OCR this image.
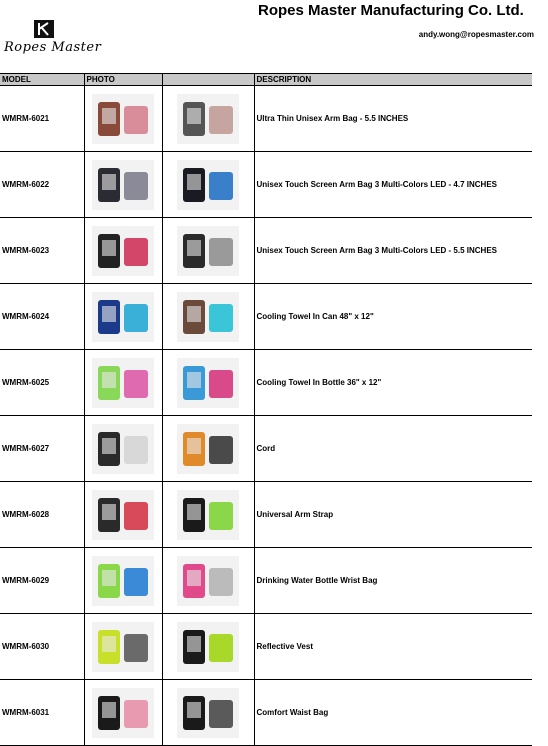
Ropes Master
Ropes Master Manufacturing Co. Ltd.
andy.wong@ropesmaster.com
MODEL	PHOTO		DESCRIPTION
WMRM-6021			Ultra Thin Unisex Arm Bag - 5.5 INCHES
WMRM-6022			Unisex Touch Screen Arm Bag 3 Multi-Colors LED - 4.7 INCHES
WMRM-6023			Unisex Touch Screen Arm Bag 3 Multi-Colors LED - 5.5 INCHES
WMRM-6024			Cooling Towel In Can 48" x 12"
WMRM-6025			Cooling Towel In Bottle 36" x 12"
WMRM-6027			Cord
WMRM-6028			Universal Arm Strap
WMRM-6029			Drinking Water Bottle Wrist Bag
WMRM-6030			Reflective Vest
WMRM-6031			Comfort Waist Bag
